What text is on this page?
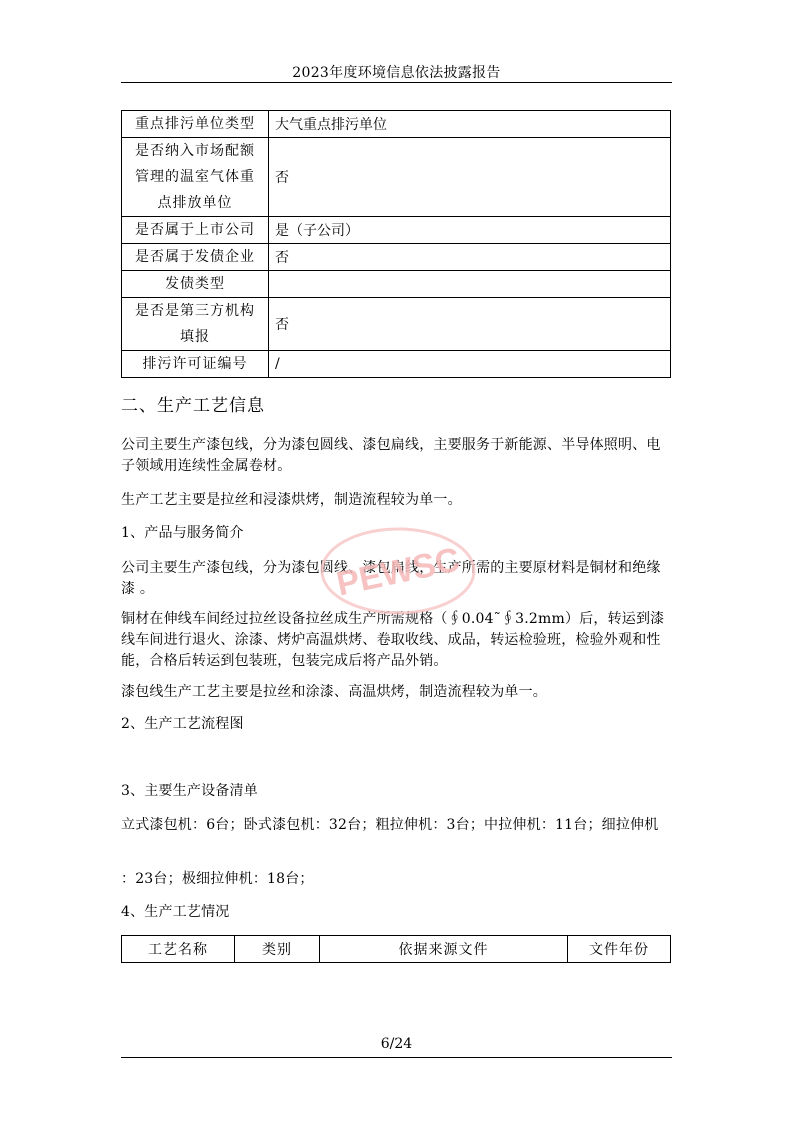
2023年度环境信息依法披露报告
重点排污单位类型	大气重点排污单位
是否纳入市场配额管理的温室气体重点排放单位	否
是否属于上市公司	是（子公司）
是否属于发债企业	否
发债类型	
是否是第三方机构填报	否
排污许可证编号	/
二、生产工艺信息
公司主要生产漆包线，分为漆包圆线、漆包扁线，主要服务于新能源、半导体照明、电子领域用连续性金属卷材。
生产工艺主要是拉丝和浸漆烘烤，制造流程较为单一。
1、产品与服务简介
公司主要生产漆包线，分为漆包圆线、漆包扁线，生产所需的主要原材料是铜材和绝缘漆 。
铜材在伸线车间经过拉丝设备拉丝成生产所需规格（∮0.04˜∮3.2mm）后，转运到漆线车间进行退火、涂漆、烤炉高温烘烤、卷取收线、成品，转运检验班，检验外观和性能，合格后转运到包装班，包装完成后将产品外销。
漆包线生产工艺主要是拉丝和涂漆、高温烘烤，制造流程较为单一。
2、生产工艺流程图
3、主要生产设备清单
立式漆包机：6台；卧式漆包机：32台；粗拉伸机：3台；中拉伸机：11台；细拉伸机
：23台；极细拉伸机：18台；
4、生产工艺情况
工艺名称	类别	依据来源文件	文件年份
PEWSC
6/24
